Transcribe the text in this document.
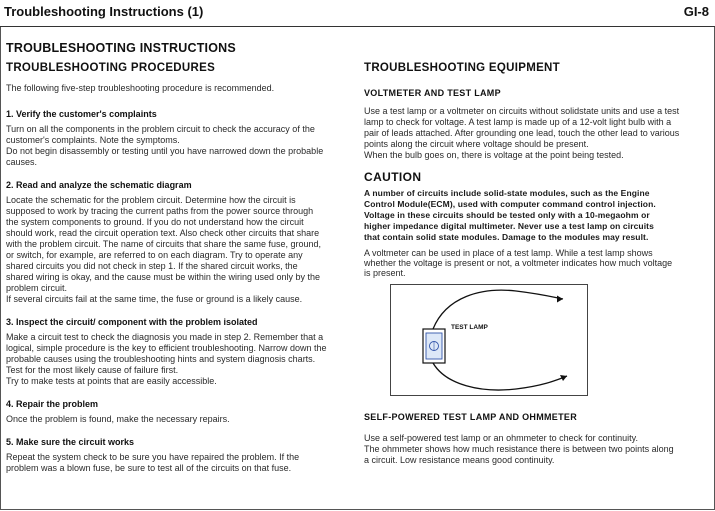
Troubleshooting Instructions (1)	GI-8
TROUBLESHOOTING INSTRUCTIONS
TROUBLESHOOTING PROCEDURES
The following five-step troubleshooting procedure is recommended.
1. Verify the customer's complaints
Turn on all the components in the problem circuit to check the accuracy of the
customer's complaints. Note the symptoms.
Do not begin disassembly or testing until you have narrowed down the probable
causes.
2. Read and analyze the schematic diagram
Locate the schematic for the problem circuit. Determine how the circuit is
supposed to work by tracing the current paths from the power source through
the system components to ground. If you do not understand how the circuit
should work, read the circuit operation text. Also check other circuits that share
with the problem circuit. The name of circuits that share the same fuse, ground,
or switch, for example, are referred to on each diagram. Try to operate any
shared circuits you did not check in step 1. If the shared circuit works, the
shared wiring is okay, and the cause must be within the wiring used only by the
problem circuit.
If several circuits fail at the same time, the fuse or ground is a likely cause.
3. Inspect the circuit/ component with the problem isolated
Make a circuit test to check the diagnosis you made in step 2. Remember that a
logical, simple procedure is the key to efficient troubleshooting. Narrow down the
probable causes using the troubleshooting hints and system diagnosis charts.
Test for the most likely cause of failure first.
Try to make tests at points that are easily accessible.
4. Repair the problem
Once the problem is found, make the necessary repairs.
5. Make sure the circuit works
Repeat the system check to be sure you have repaired the problem. If the
problem was a blown fuse, be sure to test all of the circuits on that fuse.
TROUBLESHOOTING EQUIPMENT
VOLTMETER AND TEST LAMP
Use a test lamp or a voltmeter on circuits without solidstate units and use a test
lamp to check for voltage. A test lamp is made up of a 12-volt light bulb with a
pair of leads attached. After grounding one lead, touch the other lead to various
points along the circuit where voltage should be present.
When the bulb goes on, there is voltage at the point being tested.
CAUTION
A number of circuits include solid-state modules, such as the Engine
Control Module(ECM), used with computer command control injection.
Voltage in these circuits should be tested only with a 10-megaohm or
higher impedance digital multimeter. Never use a test lamp on circuits
that contain solid state modules. Damage to the modules may result.
A voltmeter can be used in place of a test lamp. While a test lamp shows
whether the voltage is present or not, a voltmeter indicates how much voltage
is present.
TEST LAMP
SELF-POWERED TEST LAMP AND OHMMETER
Use a self-powered test lamp or an ohmmeter to check for continuity.
The ohmmeter shows how much resistance there is between two points along
a circuit. Low resistance means good continuity.
